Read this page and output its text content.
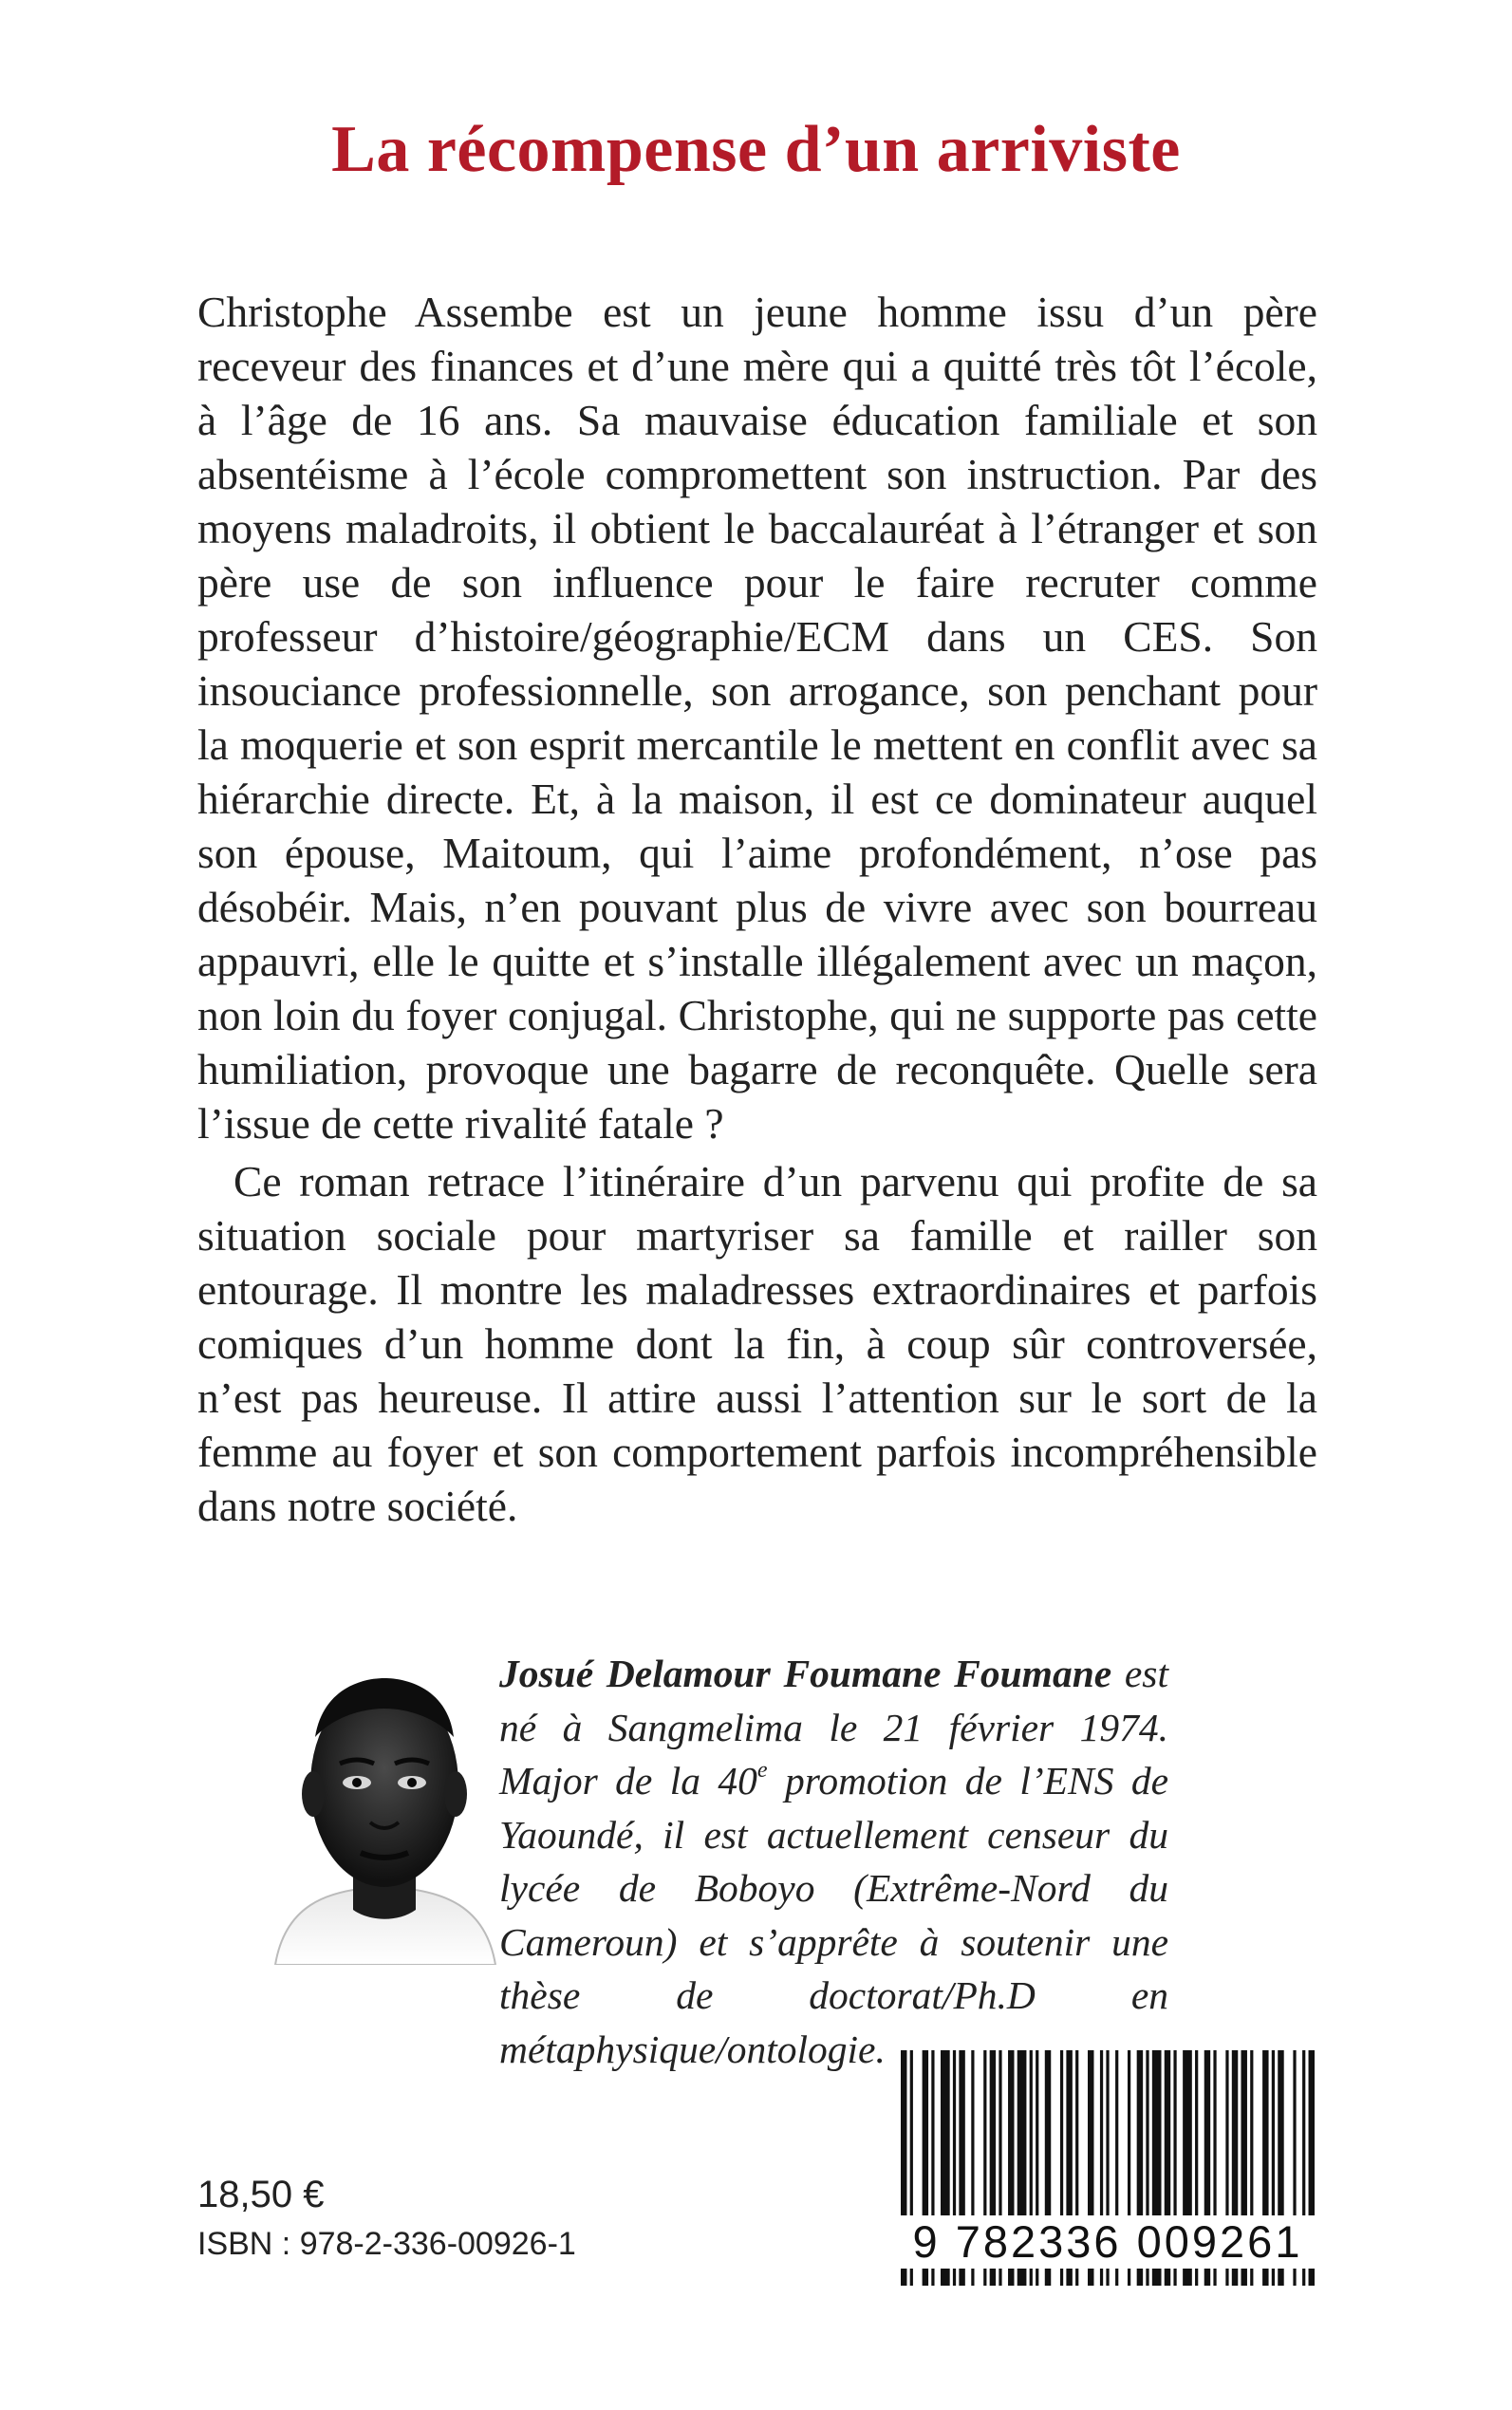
La récompense d’un arriviste

Christophe Assembe est un jeune homme issu d’un père receveur des finances et d’une mère qui a quitté très tôt l’école, à l’âge de 16 ans. Sa mauvaise éducation familiale et son absentéisme à l’école compromettent son instruction. Par des moyens maladroits, il obtient le baccalauréat à l’étranger et son père use de son influence pour le faire recruter comme professeur d’histoire/géographie/ECM dans un CES. Son insouciance professionnelle, son arrogance, son penchant pour la moquerie et son esprit mercantile le mettent en conflit avec sa hiérarchie directe. Et, à la maison, il est ce dominateur auquel son épouse, Maitoum, qui l’aime profondément, n’ose pas désobéir. Mais, n’en pouvant plus de vivre avec son bourreau appauvri, elle le quitte et s’installe illégalement avec un maçon, non loin du foyer conjugal. Christophe, qui ne supporte pas cette humiliation, provoque une bagarre de reconquête. Quelle sera l’issue de cette rivalité fatale ?

Ce roman retrace l’itinéraire d’un parvenu qui profite de sa situation sociale pour martyriser sa famille et railler son entourage. Il montre les maladresses extraordinaires et parfois comiques d’un homme dont la fin, à coup sûr controversée, n’est pas heureuse. Il attire aussi l’attention sur le sort de la femme au foyer et son comportement parfois incompréhensible dans notre société.

Josué Delamour Foumane Foumane est né à Sangmelima le 21 février 1974. Major de la 40e promotion de l’ENS de Yaoundé, il est actuellement censeur du lycée de Boboyo (Extrême-Nord du Cameroun) et s’apprête à soutenir une thèse de doctorat/Ph.D en métaphysique/ontologie.
18,50 €
ISBN : 978-2-336-00926-1	9 782336 009261
